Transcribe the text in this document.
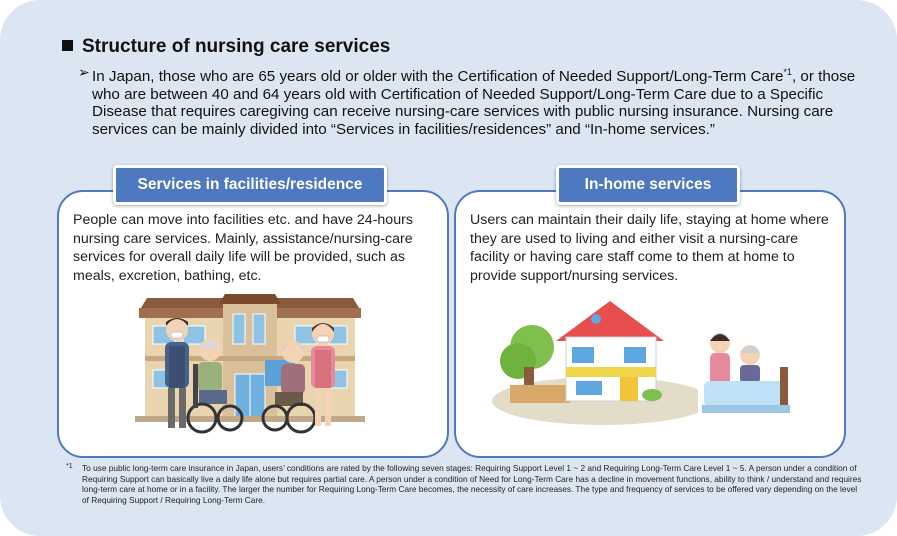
Structure of nursing care services
➢ In Japan, those who are 65 years old or older with the Certification of Needed Support/Long-Term Care$^{*1}$, or those who are between 40 and 64 years old with Certification of Needed Support/Long-Term Care due to a Specific Disease that requires caregiving can receive nursing-care services with public nursing insurance. Nursing care services can be mainly divided into “Services in facilities/residences” and “In-home services.”
Services in facilities/residence	In-home services
People can move into facilities etc. and have 24-hours nursing care services. Mainly, assistance/nursing-care services for overall daily life will be provided, such as meals, excretion, bathing, etc.
Users can maintain their daily life, staying at home where they are used to living and either visit a nursing-care facility or having care staff come to them at home to provide support/nursing services.
*1	To use public long-term care insurance in Japan, users’ conditions are rated by the following seven stages: Requiring Support Level 1 ~ 2 and Requiring Long-Term Care Level 1 ~ 5. A person under a condition of Requiring Support can basically live a daily life alone but requires partial care. A person under a condition of Need for Long-Term Care has a decline in movement functions, ability to think / understand and requires long-term care at home or in a facility. The larger the number for Requiring Long-Term Care becomes, the necessity of care increases. The type and frequency of services to be offered vary depending on the level of Requiring Support / Requiring Long-Term Care.
